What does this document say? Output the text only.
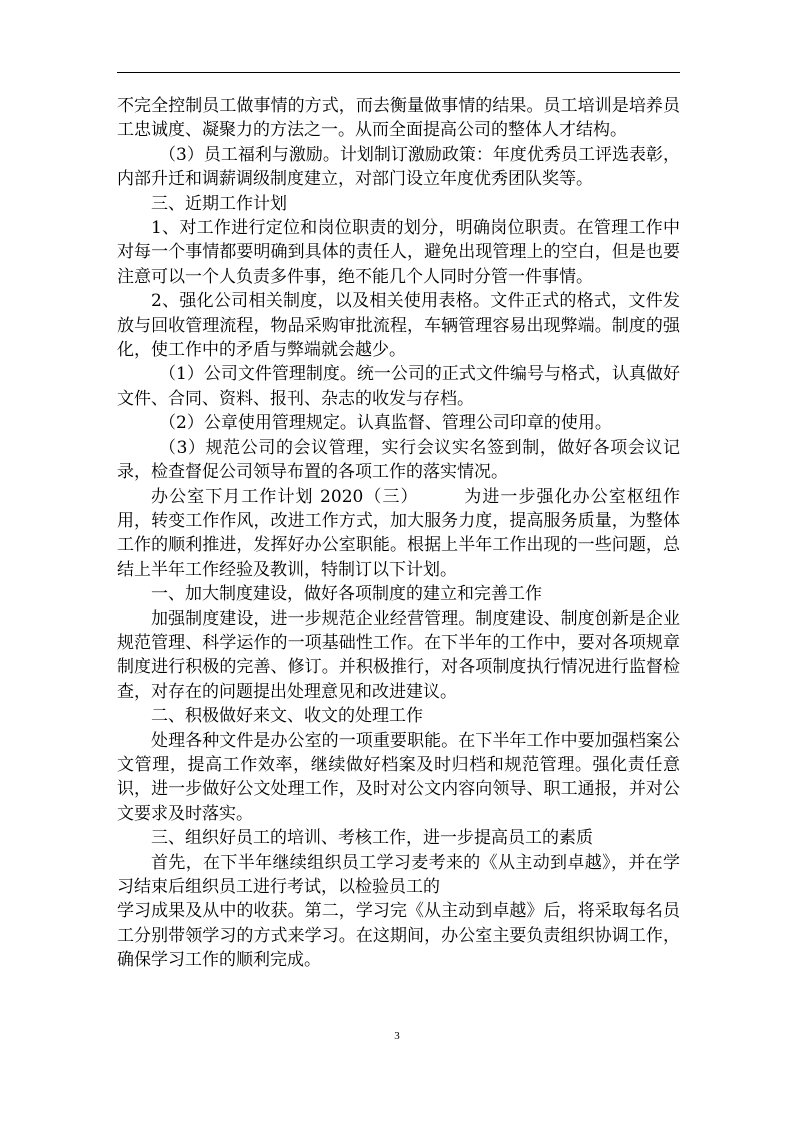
不完全控制员工做事情的方式，而去衡量做事情的结果。员工培训是培养员工忠诚度、凝聚力的方法之一。从而全面提高公司的整体人才结构。

（3）员工福利与激励。计划制订激励政策：年度优秀员工评选表彰，内部升迁和调薪调级制度建立，对部门设立年度优秀团队奖等。

三、近期工作计划

1、对工作进行定位和岗位职责的划分，明确岗位职责。在管理工作中对每一个事情都要明确到具体的责任人，避免出现管理上的空白，但是也要注意可以一个人负责多件事，绝不能几个人同时分管一件事情。

2、强化公司相关制度，以及相关使用表格。文件正式的格式，文件发放与回收管理流程，物品采购审批流程，车辆管理容易出现弊端。制度的强化，使工作中的矛盾与弊端就会越少。

（1）公司文件管理制度。统一公司的正式文件编号与格式，认真做好文件、合同、资料、报刊、杂志的收发与存档。

（2）公章使用管理规定。认真监督、管理公司印章的使用。

（3）规范公司的会议管理，实行会议实名签到制，做好各项会议记录，检查督促公司领导布置的各项工作的落实情况。

办公室下月工作计划 2020（三）　　　为进一步强化办公室枢纽作用，转变工作作风，改进工作方式，加大服务力度，提高服务质量，为整体工作的顺利推进，发挥好办公室职能。根据上半年工作出现的一些问题，总结上半年工作经验及教训，特制订以下计划。

一、加大制度建设，做好各项制度的建立和完善工作

加强制度建设，进一步规范企业经营管理。制度建设、制度创新是企业规范管理、科学运作的一项基础性工作。在下半年的工作中，要对各项规章制度进行积极的完善、修订。并积极推行，对各项制度执行情况进行监督检查，对存在的问题提出处理意见和改进建议。

二、积极做好来文、收文的处理工作

处理各种文件是办公室的一项重要职能。在下半年工作中要加强档案公文管理，提高工作效率，继续做好档案及时归档和规范管理。强化责任意识，进一步做好公文处理工作，及时对公文内容向领导、职工通报，并对公文要求及时落实。

三、组织好员工的培训、考核工作，进一步提高员工的素质

首先，在下半年继续组织员工学习麦考来的《从主动到卓越》，并在学习结束后组织员工进行考试，以检验员工的

学习成果及从中的收获。第二，学习完《从主动到卓越》后，将采取每名员工分别带领学习的方式来学习。在这期间，办公室主要负责组织协调工作，确保学习工作的顺利完成。

3
